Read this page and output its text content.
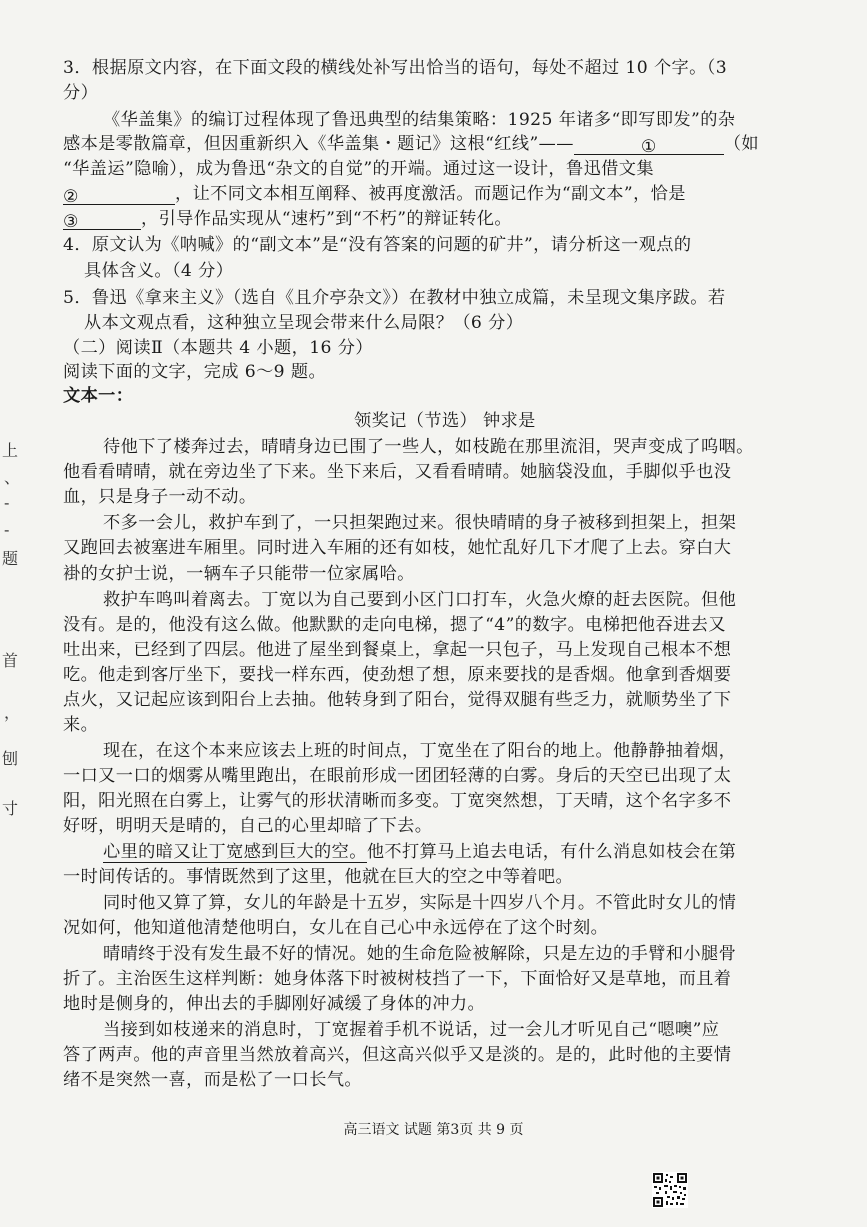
3．根据原文内容，在下面文段的横线处补写出恰当的语句，每处不超过 10 个字。（3
分）
《华盖集》的编订过程体现了鲁迅典型的结集策略：1925 年诸多“即写即发”的杂
感本是零散篇章，但因重新织入《华盖集・题记》这根“红线”——	①	（如
“华盖运”隐喻），成为鲁迅“杂文的自觉”的开端。通过这一设计，鲁迅借文集
②	，让不同文本相互阐释、被再度激活。而题记作为“副文本”，恰是
③	，引导作品实现从“速朽”到“不朽”的辩证转化。
4．原文认为《呐喊》的“副文本”是“没有答案的问题的矿井”，请分析这一观点的
具体含义。（4 分）
5．鲁迅《拿来主义》（选自《且介亭杂文》）在教材中独立成篇，未呈现文集序跋。若
从本文观点看，这种独立呈现会带来什么局限？（6 分）
（二）阅读Ⅱ（本题共 4 小题，16 分）
阅读下面的文字，完成 6～9 题。
文本一：
领奖记（节选） 钟求是
待他下了楼奔过去，晴晴身边已围了一些人，如枝跪在那里流泪，哭声变成了呜咽。
他看看晴晴，就在旁边坐了下来。坐下来后，又看看晴晴。她脑袋没血，手脚似乎也没
血，只是身子一动不动。
不多一会儿，救护车到了，一只担架跑过来。很快晴晴的身子被移到担架上，担架
又跑回去被塞进车厢里。同时进入车厢的还有如枝，她忙乱好几下才爬了上去。穿白大
褂的女护士说，一辆车子只能带一位家属哈。
救护车鸣叫着离去。丁宽以为自己要到小区门口打车，火急火燎的赶去医院。但他
没有。是的，他没有这么做。他默默的走向电梯，摁了“4”的数字。电梯把他吞进去又
吐出来，已经到了四层。他进了屋坐到餐桌上，拿起一只包子，马上发现自己根本不想
吃。他走到客厅坐下，要找一样东西，使劲想了想，原来要找的是香烟。他拿到香烟要
点火，又记起应该到阳台上去抽。他转身到了阳台，觉得双腿有些乏力，就顺势坐了下
来。
现在，在这个本来应该去上班的时间点，丁宽坐在了阳台的地上。他静静抽着烟，
一口又一口的烟雾从嘴里跑出，在眼前形成一团团轻薄的白雾。身后的天空已出现了太
阳，阳光照在白雾上，让雾气的形状清晰而多变。丁宽突然想，丁天晴，这个名字多不
好呀，明明天是晴的，自己的心里却暗了下去。
心里的暗又让丁宽感到巨大的空。他不打算马上追去电话，有什么消息如枝会在第
一时间传话的。事情既然到了这里，他就在巨大的空之中等着吧。
同时他又算了算，女儿的年龄是十五岁，实际是十四岁八个月。不管此时女儿的情
况如何，他知道他清楚他明白，女儿在自己心中永远停在了这个时刻。
晴晴终于没有发生最不好的情况。她的生命危险被解除，只是左边的手臂和小腿骨
折了。主治医生这样判断：她身体落下时被树枝挡了一下，下面恰好又是草地，而且着
地时是侧身的，伸出去的手脚刚好减缓了身体的冲力。
当接到如枝递来的消息时，丁宽握着手机不说话，过一会儿才听见自己“嗯噢”应
答了两声。他的声音里当然放着高兴，但这高兴似乎又是淡的。是的，此时他的主要情
绪不是突然一喜，而是松了一口长气。
上
、
-
-
题
首
，
刨
寸
高三语文 试题 第3页 共 9 页
